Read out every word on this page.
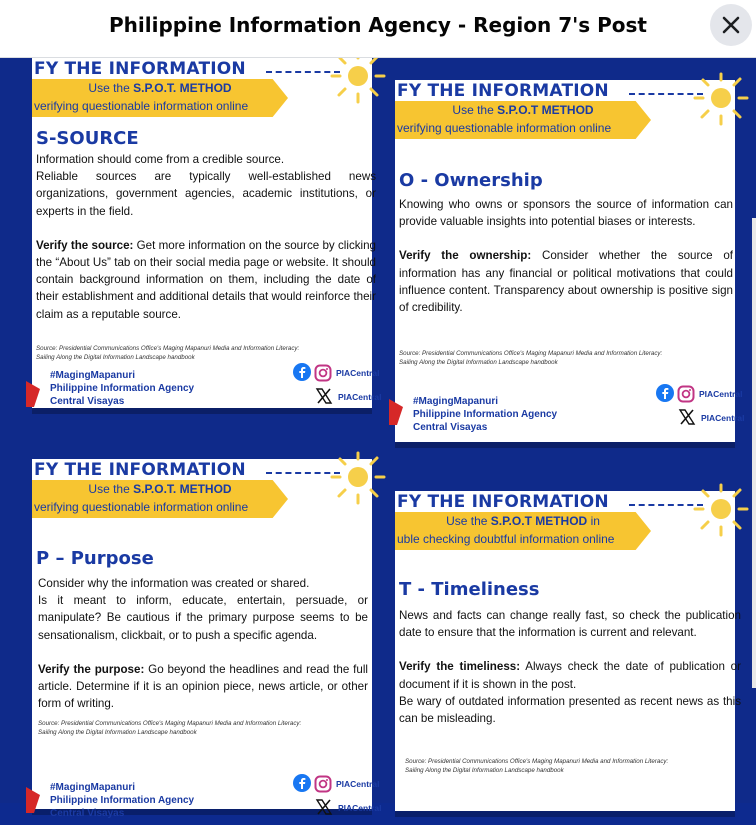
Philippine Information Agency - Region 7's Post
FY THE INFORMATION
Use the S.P.O.T. METHOD
verifying questionable information online
S-SOURCE

Information should come from a credible source.

Reliable sources are typically well-established news organizations, government agencies, academic institutions, or experts in the field.

Verify the source: Get more information on the source by clicking the “About Us” tab on their social media page or website. It should contain background information on them, including the date of their establishment and additional details that would reinforce their claim as a reputable source.

Source: Presidential Communications Office's Maging Mapanuri Media and Information Literacy: Sailing Along the Digital Information Landscape handbook
#MagingMapanuri
Philippine Information Agency
Central Visayas
PIACentral
PIACentral
FY THE INFORMATION
Use the S.P.O.T METHOD
verifying questionable information online
O - Ownership

Knowing who owns or sponsors the source of information can provide valuable insights into potential biases or interests.

Verify the ownership: Consider whether the source of information has any financial or political motivations that could influence content. Transparency about ownership is positive sign of credibility.

Source: Presidential Communications Office's Maging Mapanuri Media and Information Literacy: Sailing Along the Digital Information Landscape handbook
#MagingMapanuri
Philippine Information Agency
Central Visayas
PIACentral
PIACentral
FY THE INFORMATION
Use the S.P.O.T. METHOD
verifying questionable information online
P – Purpose

Consider why the information was created or shared.

Is it meant to inform, educate, entertain, persuade, or manipulate? Be cautious if the primary purpose seems to be sensationalism, clickbait, or to push a specific agenda.

Verify the purpose: Go beyond the headlines and read the full article. Determine if it is an opinion piece, news article, or other form of writing.

Source: Presidential Communications Office's Maging Mapanuri Media and Information Literacy: Sailing Along the Digital Information Landscape handbook
#MagingMapanuri
Philippine Information Agency
Central Visayas
PIACentral
PIACentral
FY THE INFORMATION
Use the S.P.O.T METHOD in
uble checking doubtful information online
T - Timeliness

News and facts can change really fast, so check the publication date to ensure that the information is current and relevant.

Verify the timeliness: Always check the date of publication or document if it is shown in the post.

Be wary of outdated information presented as recent news as this can be misleading.

Source: Presidential Communications Office's Maging Mapanuri Media and Information Literacy: Sailing Along the Digital Information Landscape handbook
